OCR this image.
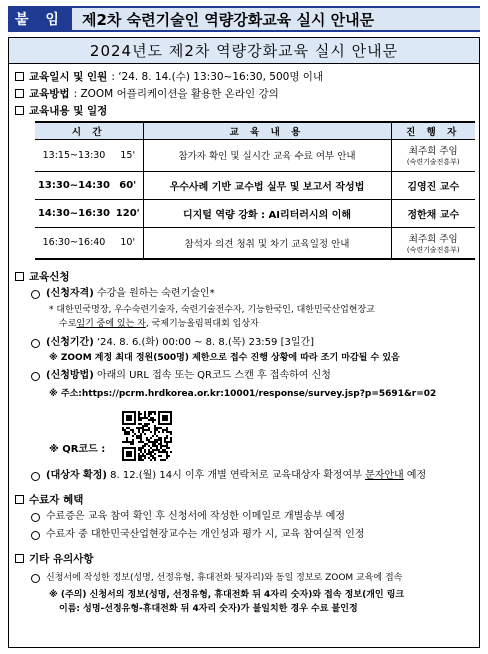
붙 임	제2차 숙련기술인 역량강화교육 실시 안내문
2024년도 제2차 역량강화교육 실시 안내문
교육일시 및 인원 : ‘24. 8. 14.(수) 13:30~16:30, 500명 이내
교육방법 : ZOOM 어플리케이션을 활용한 온라인 강의
교육내용 및 일정
시 간		교 육 내 용	진 행 자
13:15~13:30	15'	참가자 확인 및 실시간 교육 수료 여부 안내	최주희 주임
(숙련기술진흥부)

13:30~14:30	60'	우수사례 기반 교수법 실무 및 보고서 작성법	김영진 교수
14:30~16:30	120'	디지털 역량 강화 : AI리터러시의 이해	정한채 교수
16:30~16:40	10'	참석자 의견 청취 및 차기 교육일정 안내	최주희 주임
(숙련기술진흥부)
교육신청
(신청자격) 수강을 원하는 숙련기술인*
* 대한민국명장, 우수숙련기술자, 숙련기술전수자, 기능한국인, 대한민국산업현장교
수로 임기 중에 있는 자 , 국제기능올림픽대회 입상자
(신청기간) ‘24. 8. 6.(화) 00:00 ~ 8. 8.(목) 23:59 [3일간]
※ ZOOM 계정 최대 정원(500명) 제한으로 접수 진행 상황에 따라 조기 마감될 수 있음
(신청방법) 아래의 URL 접속 또는 QR코드 스캔 후 접속하여 신청
※ 주소: https://pcrm.hrdkorea.or.kr:10001/response/survey.jsp?p=5691&r=02
※ QR코드 :
(대상자 확정) 8. 12.(월) 14시 이후 개별 연락처로 교육대상자 확정여부 문자안내 예정
수료자 혜택
수료증은 교육 참여 확인 후 신청서에 작성한 이메일로 개별송부 예정
수료자 중 대한민국산업현장교수는 개인성과 평가 시, 교육 참여실적 인정
기타 유의사항
신청서에 작성한 정보(성명, 선정유형, 휴대전화 뒷자리)와 동일 정보로 ZOOM 교육에 접속
※ (주의) 신청서의 정보(성명, 선정유형, 휴대전화 뒤 4자리 숫자)와 접속 정보(개인 링크
이름: 성명-선정유형-휴대전화 뒤 4자리 숫자)가 불일치한 경우 수료 불인정
